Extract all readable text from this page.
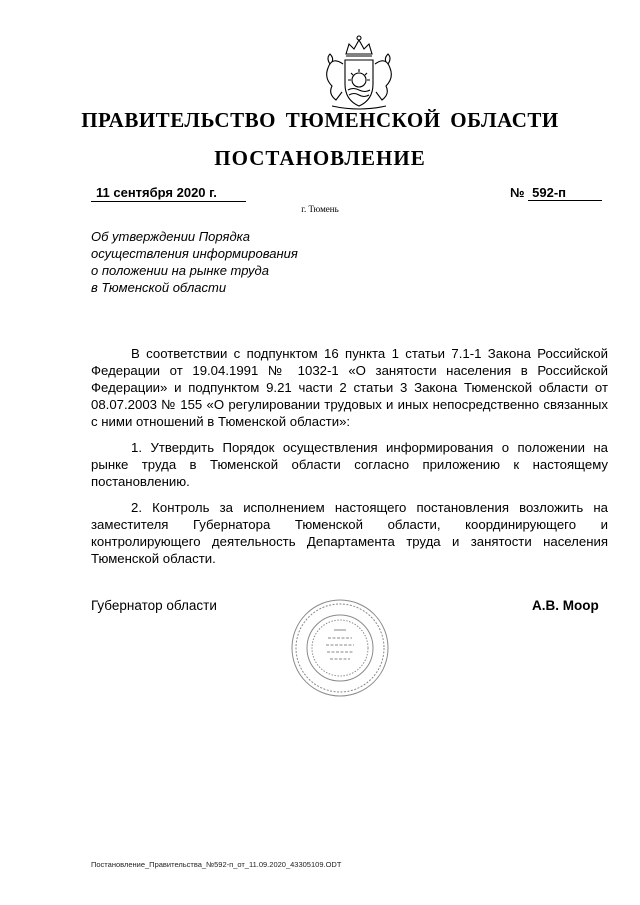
ПРАВИТЕЛЬСТВО ТЮМЕНСКОЙ ОБЛАСТИ
ПОСТАНОВЛЕНИЕ
11 сентября 2020 г.	№ 592-п
г. Тюмень
Об утверждении Порядка
осуществления информирования
о положении на рынке труда
в Тюменской области

В соответствии с подпунктом 16 пункта 1 статьи 7.1-1 Закона Российской Федерации от 19.04.1991 № 1032-1 «О занятости населения в Российской Федерации» и подпунктом 9.21 части 2 статьи 3 Закона Тюменской области от 08.07.2003 № 155 «О регулировании трудовых и иных непосредственно связанных с ними отношений в Тюменской области»:

1. Утвердить Порядок осуществления информирования о положении на рынке труда в Тюменской области согласно приложению к настоящему постановлению.

2. Контроль за исполнением настоящего постановления возложить на заместителя Губернатора Тюменской области, координирующего и контролирующего деятельность Департамента труда и занятости населения Тюменской области.

Губернатор области	А.В. Моор
Постановление_Правительства_№592-п_от_11.09.2020_43305109.ODT
